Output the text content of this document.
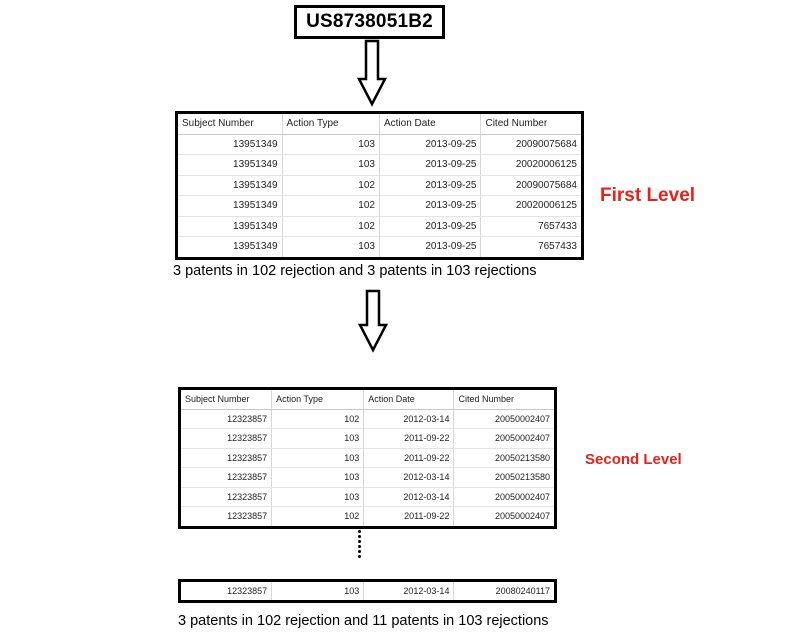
US8738051B2
Subject Number	Action Type	Action Date	Cited Number
13951349	103	2013-09-25	20090075684
13951349	103	2013-09-25	20020006125
13951349	102	2013-09-25	20090075684
13951349	102	2013-09-25	20020006125
13951349	102	2013-09-25	7657433
13951349	103	2013-09-25	7657433
First Level
3 patents in 102 rejection and 3 patents in 103 rejections
Subject Number	Action Type	Action Date	Cited Number
12323857	102	2012-03-14	20050002407
12323857	103	2011-09-22	20050002407
12323857	103	2011-09-22	20050213580
12323857	103	2012-03-14	20050213580
12323857	103	2012-03-14	20050002407
12323857	102	2011-09-22	20050002407
Second Level
12323857	103	2012-03-14	20080240117
3 patents in 102 rejection and 11 patents in 103 rejections
